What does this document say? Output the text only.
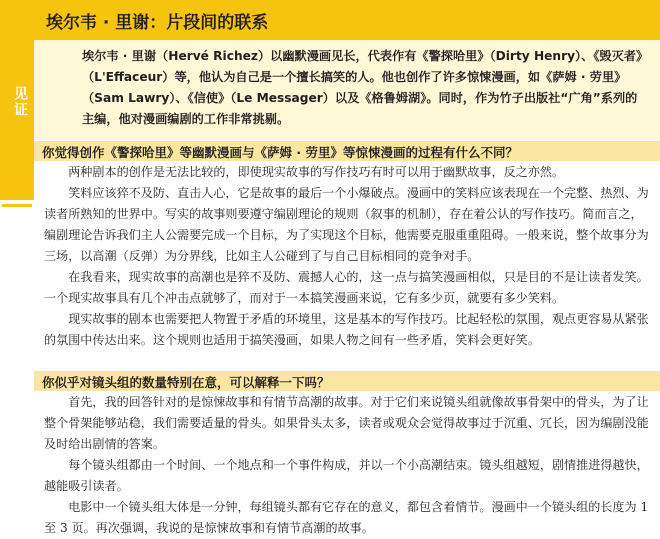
见证
埃尔韦 · 里谢：片段间的联系

埃尔韦 · 里谢（Hervé Richez）以幽默漫画见长，代表作有《警探哈里》（Dirty Henry）、《毁灭者》（L'Effaceur）等，他认为自己是一个擅长搞笑的人。他也创作了许多惊悚漫画，如《萨姆 · 劳里》（Sam Lawry）、《信使》（Le Messager）以及《格鲁姆湖》。同时，作为竹子出版社“广角”系列的主编，他对漫画编剧的工作非常挑剔。

你觉得创作《警探哈里》等幽默漫画与《萨姆 · 劳里》等惊悚漫画的过程有什么不同？

两种剧本的创作是无法比较的，即使现实故事的写作技巧有时可以用于幽默故事，反之亦然。

笑料应该猝不及防、直击人心，它是故事的最后一个小爆破点。漫画中的笑料应该表现在一个完整、热烈、为读者所熟知的世界中。写实的故事则要遵守编剧理论的规则（叙事的机制），存在着公认的写作技巧。简而言之，编剧理论告诉我们主人公需要完成一个目标，为了实现这个目标，他需要克服重重阻碍。一般来说，整个故事分为三场，以高潮（反弹）为分界线，比如主人公碰到了与自己目标相同的竞争对手。

在我看来，现实故事的高潮也是猝不及防、震撼人心的，这一点与搞笑漫画相似，只是目的不是让读者发笑。一个现实故事具有几个冲击点就够了，而对于一本搞笑漫画来说，它有多少页，就要有多少笑料。

现实故事的剧本也需要把人物置于矛盾的环境里，这是基本的写作技巧。比起轻松的氛围，观点更容易从紧张的氛围中传达出来。这个规则也适用于搞笑漫画，如果人物之间有一些矛盾，笑料会更好笑。

你似乎对镜头组的数量特别在意，可以解释一下吗？

首先，我的回答针对的是惊悚故事和有情节高潮的故事。对于它们来说镜头组就像故事骨架中的骨头，为了让整个骨架能够站稳，我们需要适量的骨头。如果骨头太多，读者或观众会觉得故事过于沉重、冗长，因为编剧没能及时给出剧情的答案。

每个镜头组都由一个时间、一个地点和一个事件构成，并以一个小高潮结束。镜头组越短，剧情推进得越快，越能吸引读者。

电影中一个镜头组大体是一分钟，每组镜头都有它存在的意义，都包含着情节。漫画中一个镜头组的长度为 1 至 3 页。再次强调，我说的是惊悚故事和有情节高潮的故事。
